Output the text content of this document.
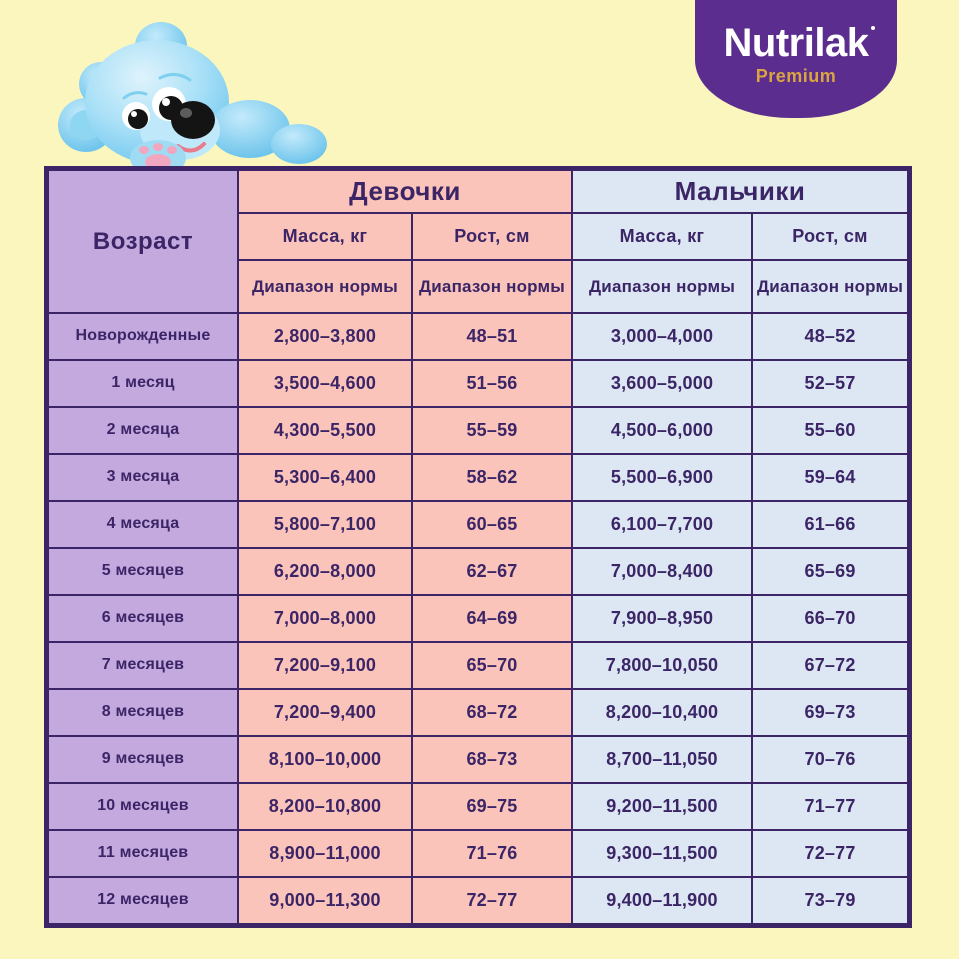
Nutrilak
Premium
Возраст	Девочки		Мальчики	
	Масса, кг	Рост, см	Масса, кг	Рост, см
	Диапазон нормы	Диапазон нормы	Диапазон нормы	Диапазон нормы
Новорожденные	2,800–3,800	48–51	3,000–4,000	48–52
1 месяц	3,500–4,600	51–56	3,600–5,000	52–57
2 месяца	4,300–5,500	55–59	4,500–6,000	55–60
3 месяца	5,300–6,400	58–62	5,500–6,900	59–64
4 месяца	5,800–7,100	60–65	6,100–7,700	61–66
5 месяцев	6,200–8,000	62–67	7,000–8,400	65–69
6 месяцев	7,000–8,000	64–69	7,900–8,950	66–70
7 месяцев	7,200–9,100	65–70	7,800–10,050	67–72
8 месяцев	7,200–9,400	68–72	8,200–10,400	69–73
9 месяцев	8,100–10,000	68–73	8,700–11,050	70–76
10 месяцев	8,200–10,800	69–75	9,200–11,500	71–77
11 месяцев	8,900–11,000	71–76	9,300–11,500	72–77
12 месяцев	9,000–11,300	72–77	9,400–11,900	73–79
